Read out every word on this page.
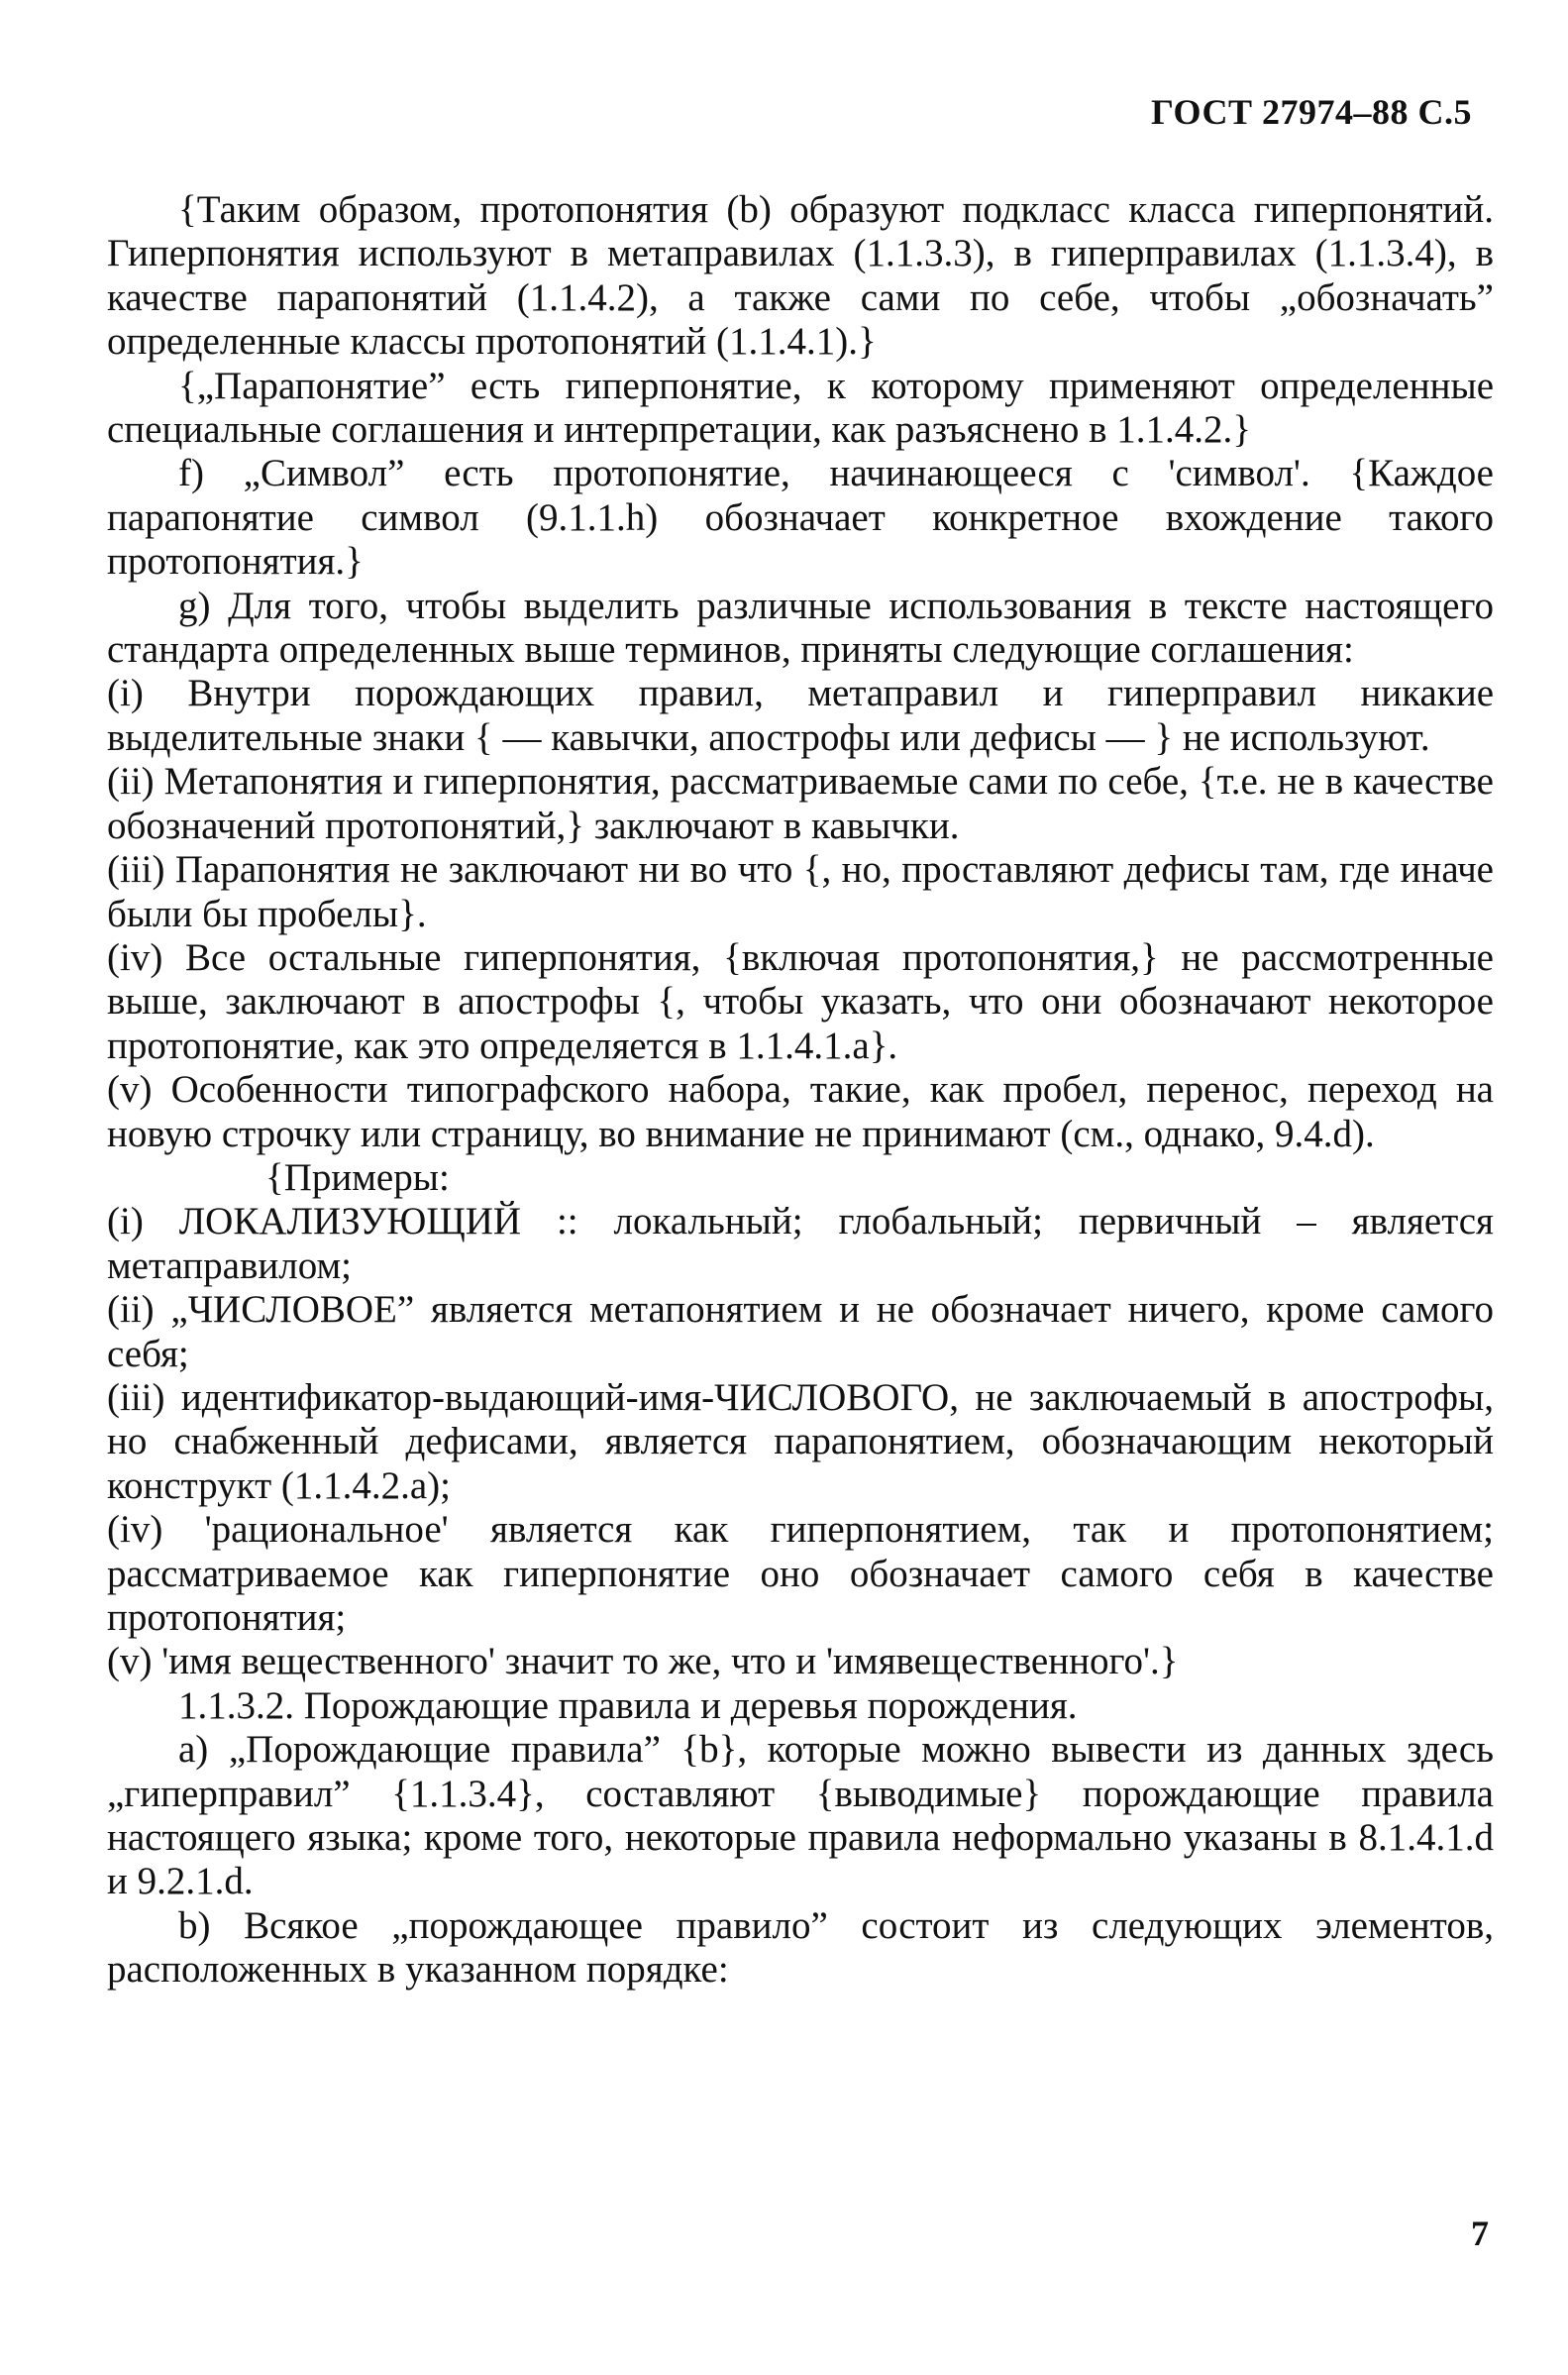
ГОСТ 27974–88 С.5

{Таким образом, протопонятия (b) образуют подкласс класса гиперпонятий. Гиперпонятия используют в метаправилах (1.1.3.3), в гиперправилах (1.1.3.4), в качестве парапонятий (1.1.4.2), а также сами по себе, чтобы „обозначать” определенные классы протопонятий (1.1.4.1).}

{„Парапонятие” есть гиперпонятие, к которому применяют определенные специальные соглашения и интерпретации, как разъяснено в 1.1.4.2.}

f) „Символ” есть протопонятие, начинающееся с 'символ'. {Каждое парапонятие символ (9.1.1.h) обозначает конкретное вхождение такого протопонятия.}

g) Для того, чтобы выделить различные использования в тексте настоящего стандарта определенных выше терминов, приняты следующие соглашения:

(i) Внутри порождающих правил, метаправил и гиперправил никакие выделительные знаки { — кавычки, апострофы или дефисы — } не используют.

(ii) Метапонятия и гиперпонятия, рассматриваемые сами по себе, {т.е. не в качестве обозначений протопонятий,} заключают в кавычки.

(iii) Парапонятия не заключают ни во что {, но, проставляют дефисы там, где иначе были бы пробелы}.

(iv) Все остальные гиперпонятия, {включая протопонятия,} не рассмотренные выше, заключают в апострофы {, чтобы указать, что они обозначают некоторое протопонятие, как это определяется в 1.1.4.1.a}.

(v) Особенности типографского набора, такие, как пробел, перенос, переход на новую строчку или страницу, во внимание не принимают (см., однако, 9.4.d).

{Примеры:

(i) ЛОКАЛИЗУЮЩИЙ :: локальный; глобальный; первичный – является метаправилом;

(ii) „ЧИСЛОВОЕ” является метапонятием и не обозначает ничего, кроме самого себя;

(iii) идентификатор-выдающий-имя-ЧИСЛОВОГО, не заключаемый в апострофы, но снабженный дефисами, является парапонятием, обозначающим некоторый конструкт (1.1.4.2.a);

(iv) 'рациональное' является как гиперпонятием, так и протопонятием; рассматриваемое как гиперпонятие оно обозначает самого себя в качестве протопонятия;

(v) 'имя вещественного' значит то же, что и 'имявещественного'.}

1.1.3.2. Порождающие правила и деревья порождения.

a) „Порождающие правила” {b}, которые можно вывести из данных здесь „гиперправил” {1.1.3.4}, составляют {выводимые} порождающие правила настоящего языка; кроме того, некоторые правила неформально указаны в 8.1.4.1.d и 9.2.1.d.

b) Всякое „порождающее правило” состоит из следующих элементов, расположенных в указанном порядке:

7
